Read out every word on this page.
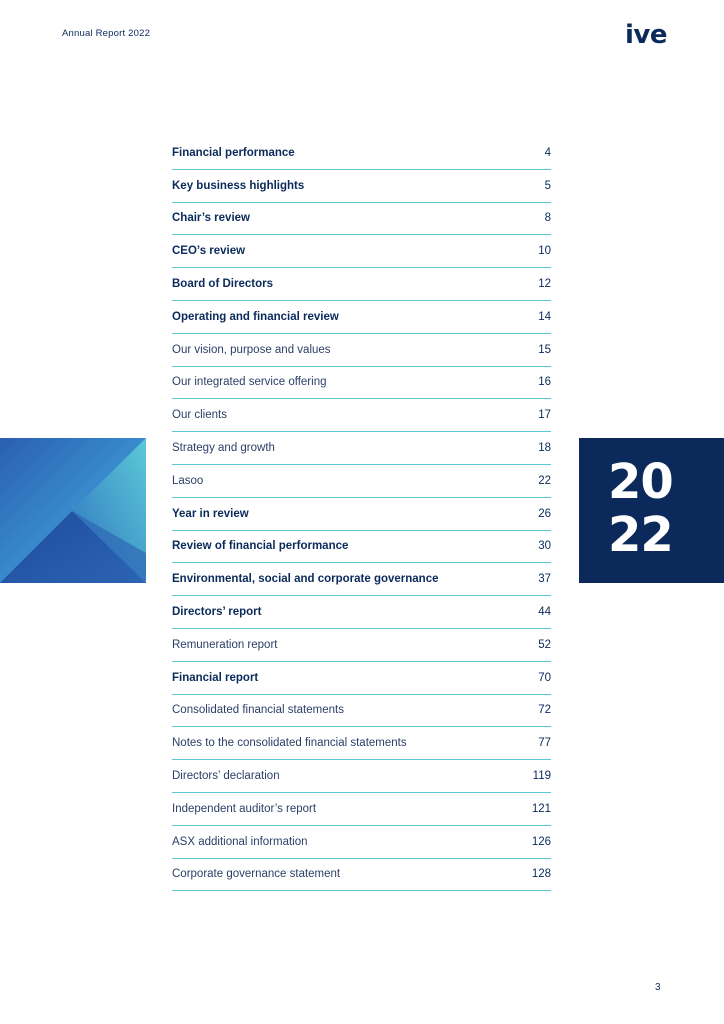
Annual Report 2022	ive
Financial performance	4
Key business highlights	5
Chair’s review	8
CEO’s review	10
Board of Directors	12
Operating and financial review	14
Our vision, purpose and values	15
Our integrated service offering	16
Our clients	17
Strategy and growth	18
Lasoo	22
Year in review	26
Review of financial performance	30
Environmental, social and corporate governance	37
Directors’ report	44
Remuneration report	52
Financial report	70
Consolidated financial statements	72
Notes to the consolidated financial statements	77
Directors’ declaration	119
Independent auditor’s report	121
ASX additional information	126
Corporate governance statement	128
20
22
3
